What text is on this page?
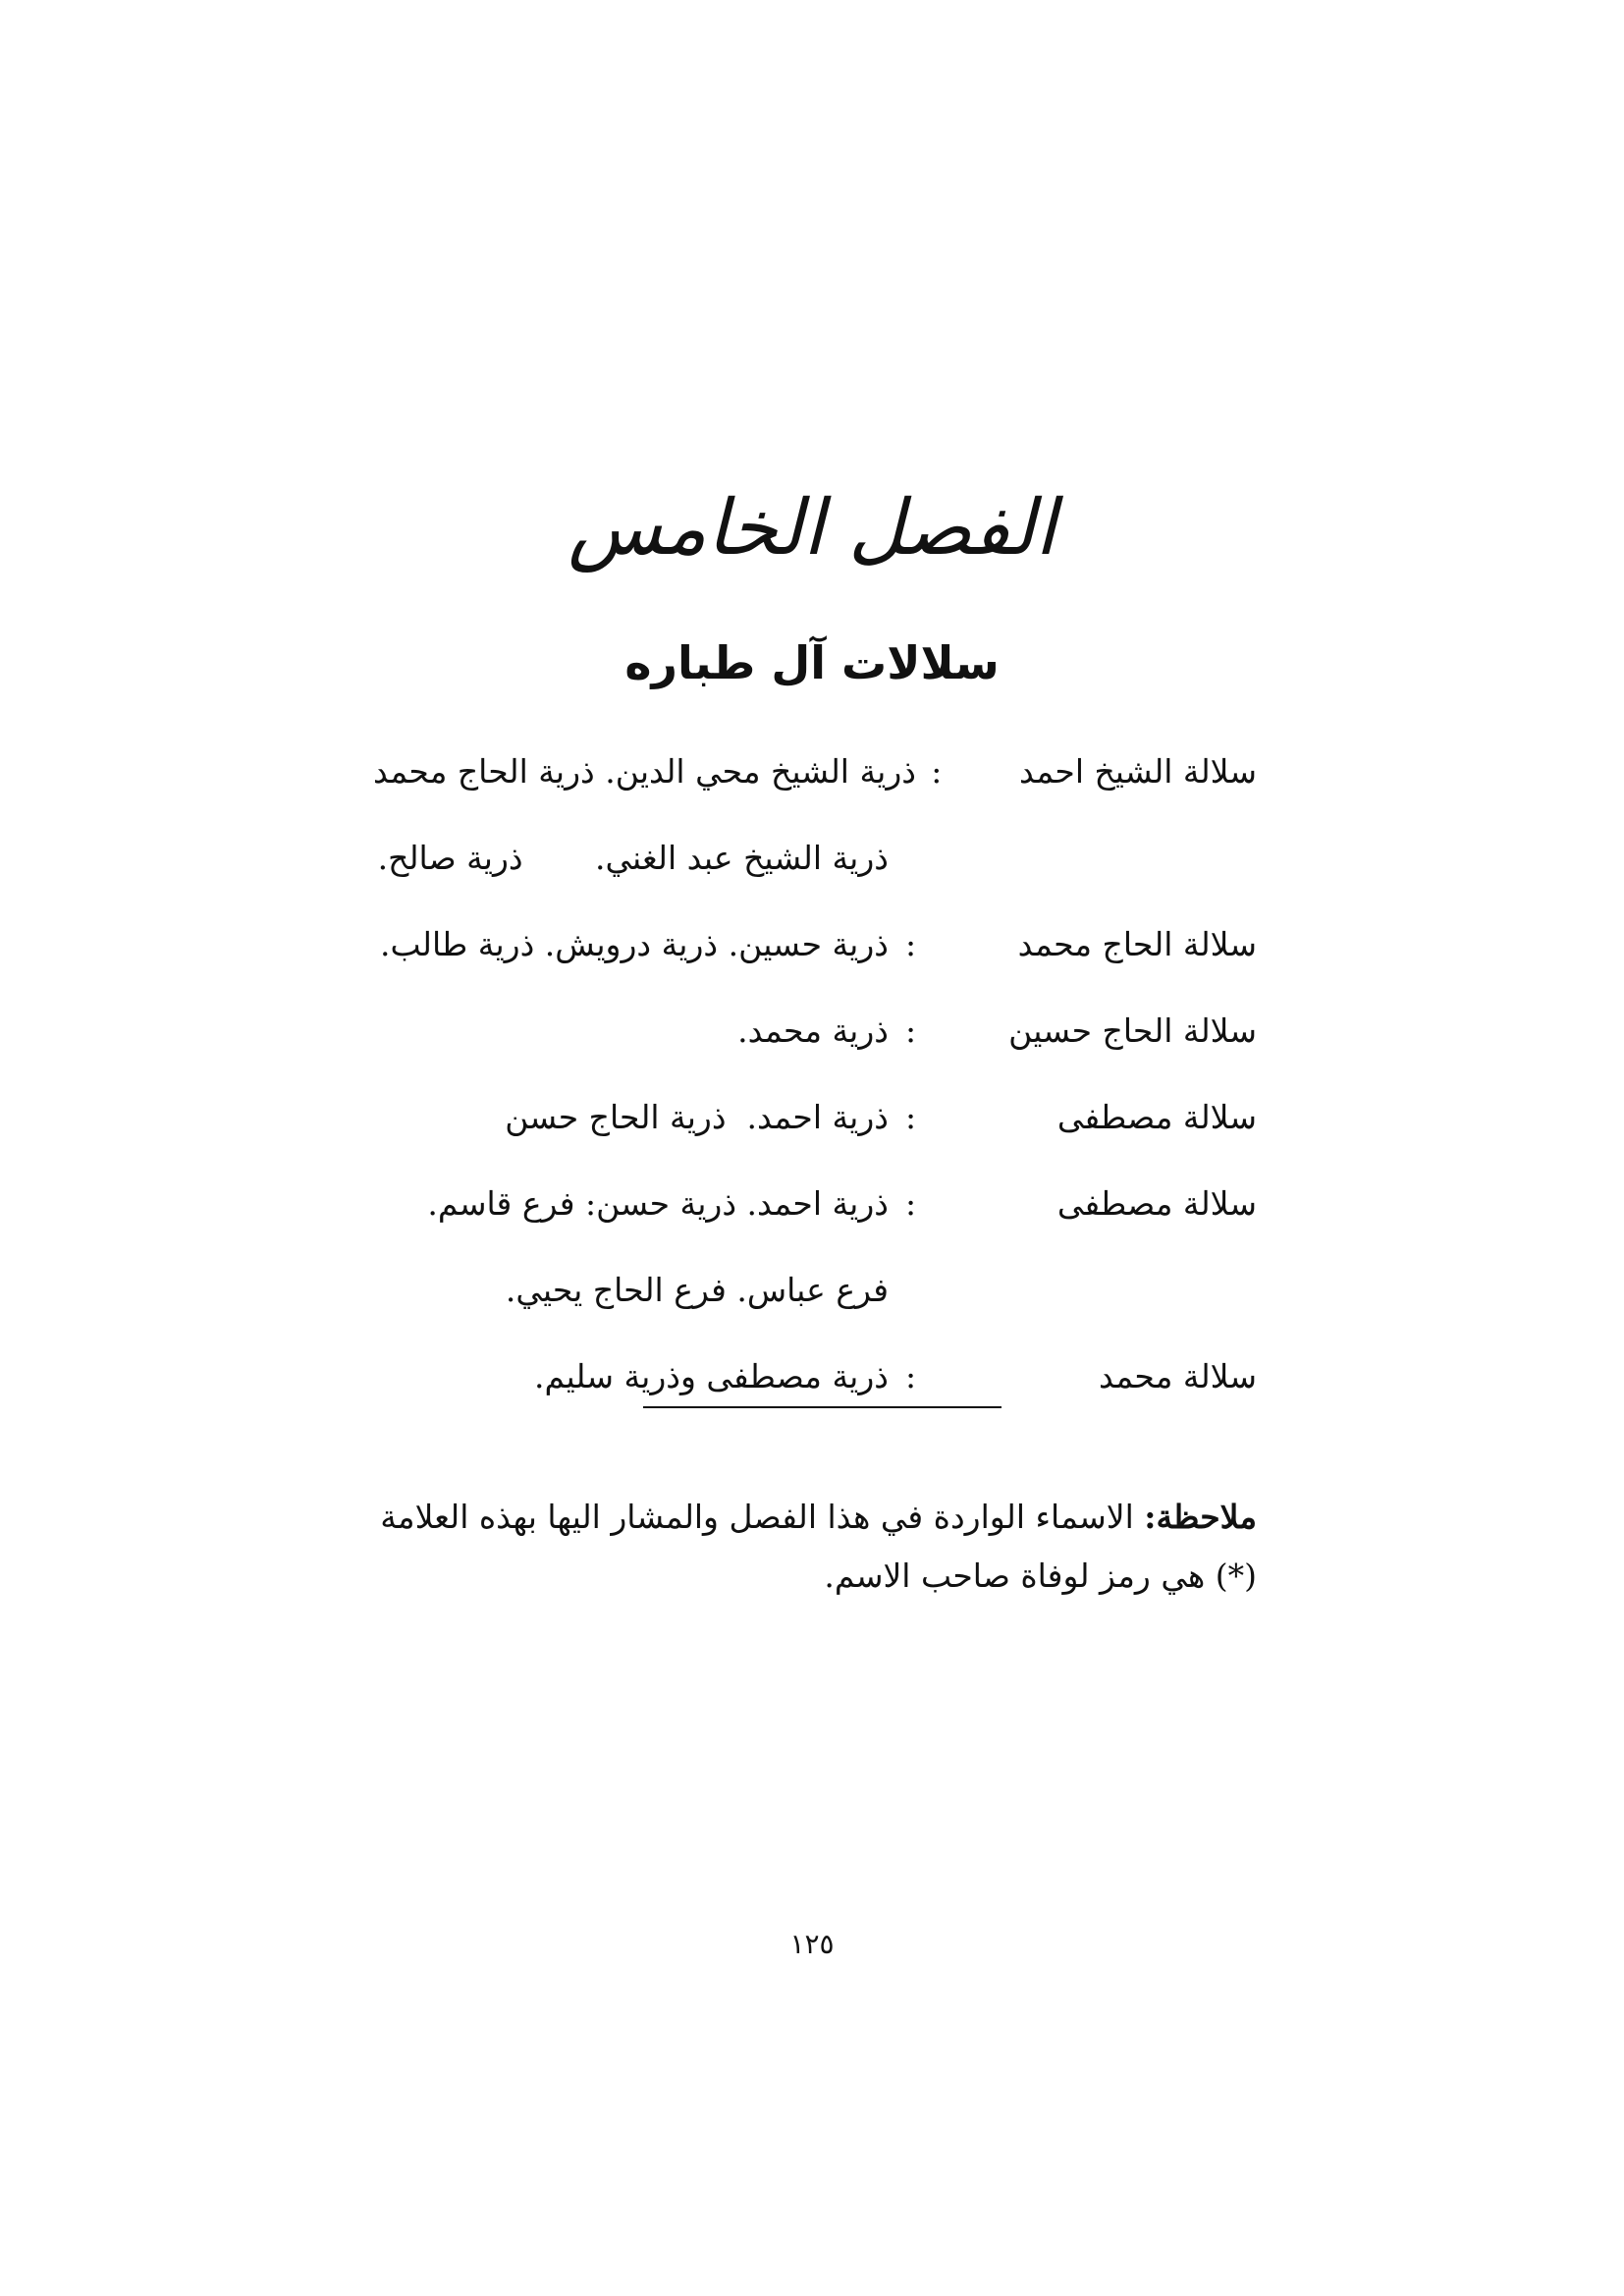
الفصل الخامس
سلالات آل طباره
سلالة الشيخ احمد
:
ذرية الشيخ محي الدين. ذرية الحاج محمد
ذرية الشيخ عبد الغني.       ذرية صالح.
سلالة الحاج محمد
:
ذرية حسين. ذرية درويش. ذرية طالب.
سلالة الحاج حسين
:
ذرية محمد.
سلالة مصطفى
:
ذرية احمد.  ذرية الحاج حسن
سلالة مصطفى
:
ذرية احمد. ذرية حسن: فرع قاسم.
فرع عباس. فرع الحاج يحيي.
سلالة محمد
:
ذرية مصطفى وذرية سليم.
ملاحظة: الاسماء الواردة في هذا الفصل والمشار اليها بهذه العلامة (*) هي رمز لوفاة صاحب الاسم.
١٢٥
